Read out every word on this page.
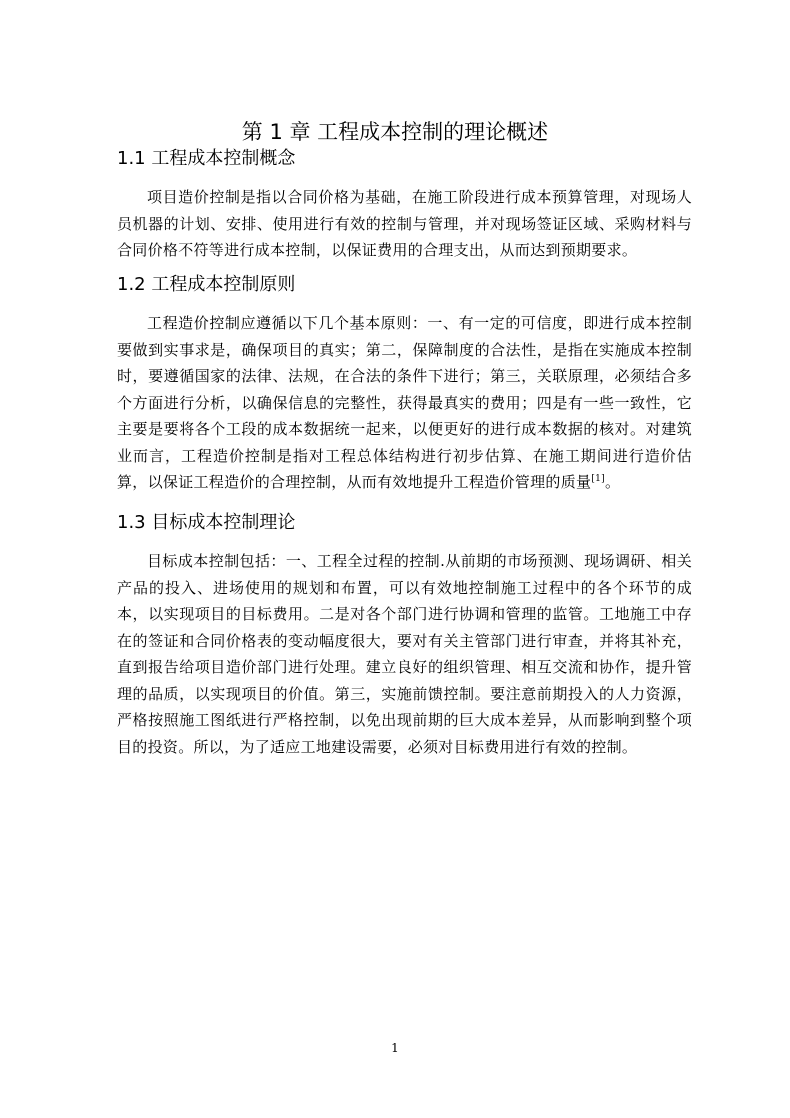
第 1 章 工程成本控制的理论概述
1.1 工程成本控制概念

项目造价控制是指以合同价格为基础，在施工阶段进行成本预算管理，对现场人员机器的计划、安排、使用进行有效的控制与管理，并对现场签证区域、采购材料与合同价格不符等进行成本控制，以保证费用的合理支出，从而达到预期要求。

1.2 工程成本控制原则

工程造价控制应遵循以下几个基本原则：一、有一定的可信度，即进行成本控制要做到实事求是，确保项目的真实；第二，保障制度的合法性，是指在实施成本控制时，要遵循国家的法律、法规，在合法的条件下进行；第三，关联原理，必须结合多个方面进行分析，以确保信息的完整性，获得最真实的费用；四是有一些一致性，它主要是要将各个工段的成本数据统一起来，以便更好的进行成本数据的核对。对建筑业而言，工程造价控制是指对工程总体结构进行初步估算、在施工期间进行造价估算，以保证工程造价的合理控制，从而有效地提升工程造价管理的质量[1]。

1.3 目标成本控制理论

目标成本控制包括：一、工程全过程的控制.从前期的市场预测、现场调研、相关产品的投入、进场使用的规划和布置，可以有效地控制施工过程中的各个环节的成本，以实现项目的目标费用。二是对各个部门进行协调和管理的监管。工地施工中存在的签证和合同价格表的变动幅度很大，要对有关主管部门进行审查，并将其补充，直到报告给项目造价部门进行处理。建立良好的组织管理、相互交流和协作，提升管理的品质，以实现项目的价值。第三，实施前馈控制。要注意前期投入的人力资源，严格按照施工图纸进行严格控制，以免出现前期的巨大成本差异，从而影响到整个项目的投资。所以，为了适应工地建设需要，必须对目标费用进行有效的控制。

1
